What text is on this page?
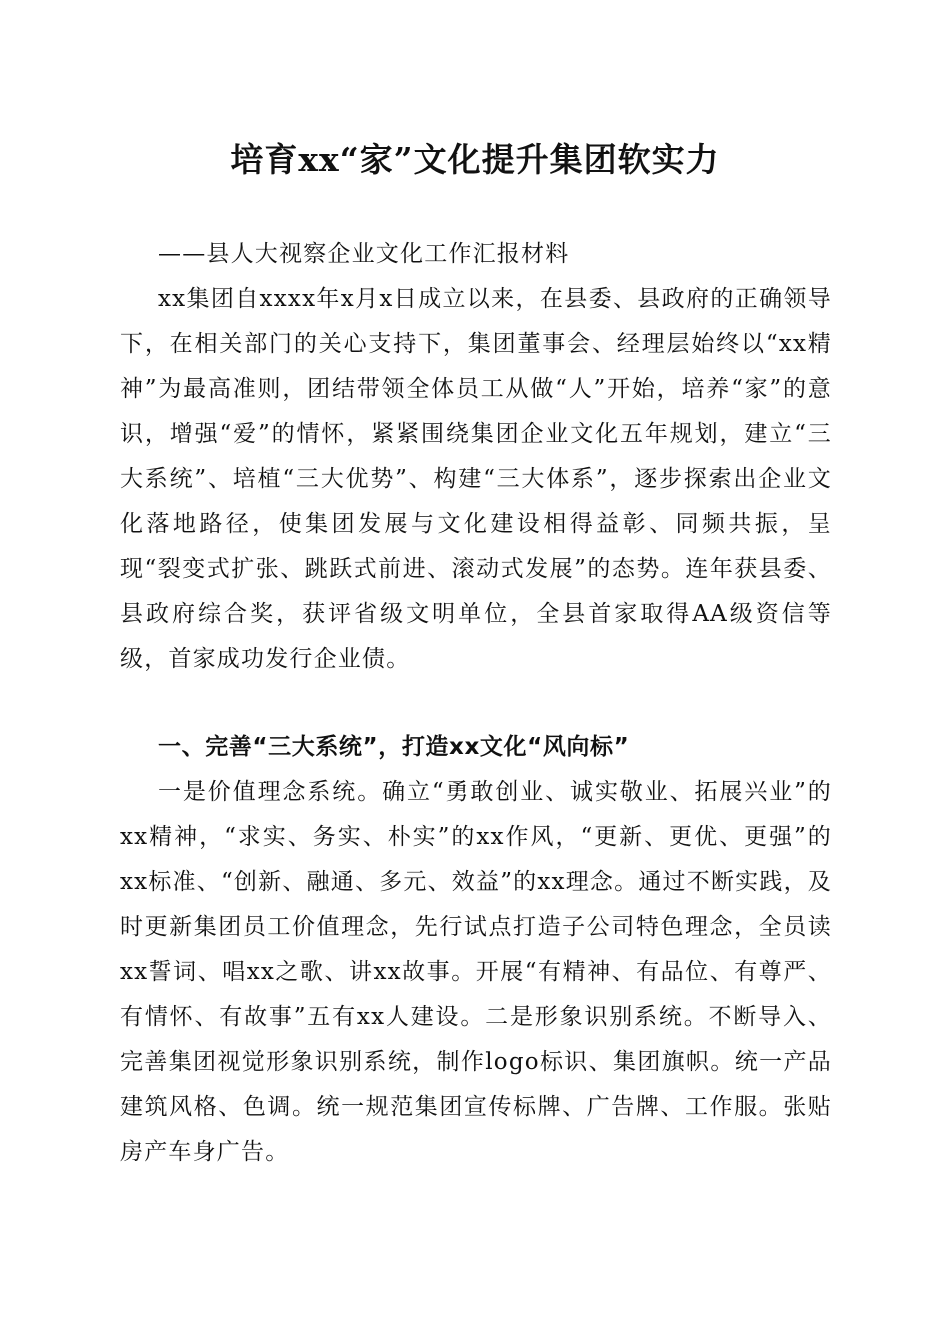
培育xx“家”文化提升集团软实力
——县人大视察企业文化工作汇报材料

xx集团自xxxx年x月x日成立以来，在县委、县政府的正确领导下，在相关部门的关心支持下，集团董事会、经理层始终以“xx精神”为最高准则，团结带领全体员工从做“人”开始，培养“家”的意识，增强“爱”的情怀，紧紧围绕集团企业文化五年规划，建立“三大系统”、培植“三大优势”、构建“三大体系”，逐步探索出企业文化落地路径，使集团发展与文化建设相得益彰、同频共振，呈现“裂变式扩张、跳跃式前进、滚动式发展”的态势。连年获县委、县政府综合奖，获评省级文明单位，全县首家取得AA级资信等级，首家成功发行企业债。

一、完善“三大系统”，打造xx文化“风向标”

一是价值理念系统。确立“勇敢创业、诚实敬业、拓展兴业”的xx精神，“求实、务实、朴实”的xx作风，“更新、更优、更强”的xx标准、“创新、融通、多元、效益”的xx理念。通过不断实践，及时更新集团员工价值理念，先行试点打造子公司特色理念，全员读xx誓词、唱xx之歌、讲xx故事。开展“有精神、有品位、有尊严、有情怀、有故事”五有xx人建设。二是形象识别系统。不断导入、完善集团视觉形象识别系统，制作logo标识、集团旗帜。统一产品建筑风格、色调。统一规范集团宣传标牌、广告牌、工作服。张贴房产车身广告。
